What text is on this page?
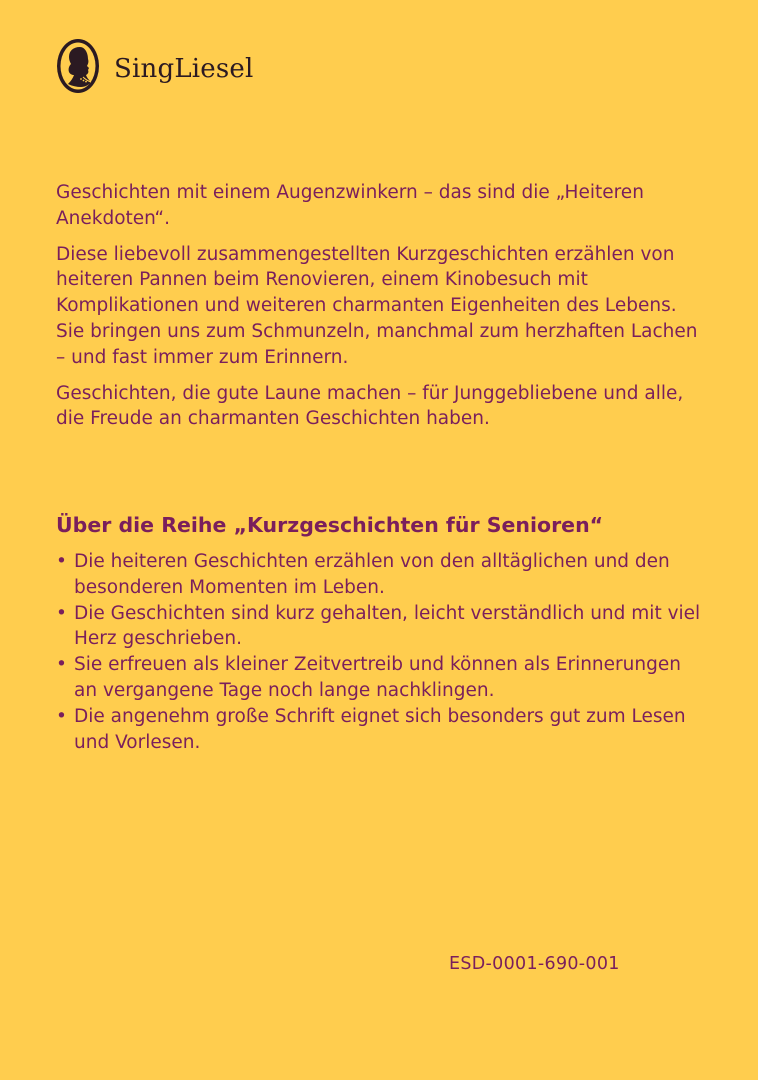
SingLiesel

Geschichten mit einem Augenzwinkern – das sind die „Heiteren Anekdoten“.

Diese liebevoll zusammengestellten Kurzgeschichten erzählen von heiteren Pannen beim Renovieren, einem Kinobesuch mit Komplikationen und weiteren charmanten Eigenheiten des Lebens. Sie bringen uns zum Schmunzeln, manchmal zum herzhaften Lachen – und fast immer zum Erinnern.

Geschichten, die gute Laune machen – für Junggebliebene und alle, die Freude an charmanten Geschichten haben.

Über die Reihe „Kurzgeschichten für Senioren“
• Die heiteren Geschichten erzählen von den alltäglichen und den besonderen Momenten im Leben.
• Die Geschichten sind kurz gehalten, leicht verständlich und mit viel Herz geschrieben.
• Sie erfreuen als kleiner Zeitvertreib und können als Erinnerungen an vergangene Tage noch lange nachklingen.
• Die angenehm große Schrift eignet sich besonders gut zum Lesen und Vorlesen.
ESD-0001-690-001
